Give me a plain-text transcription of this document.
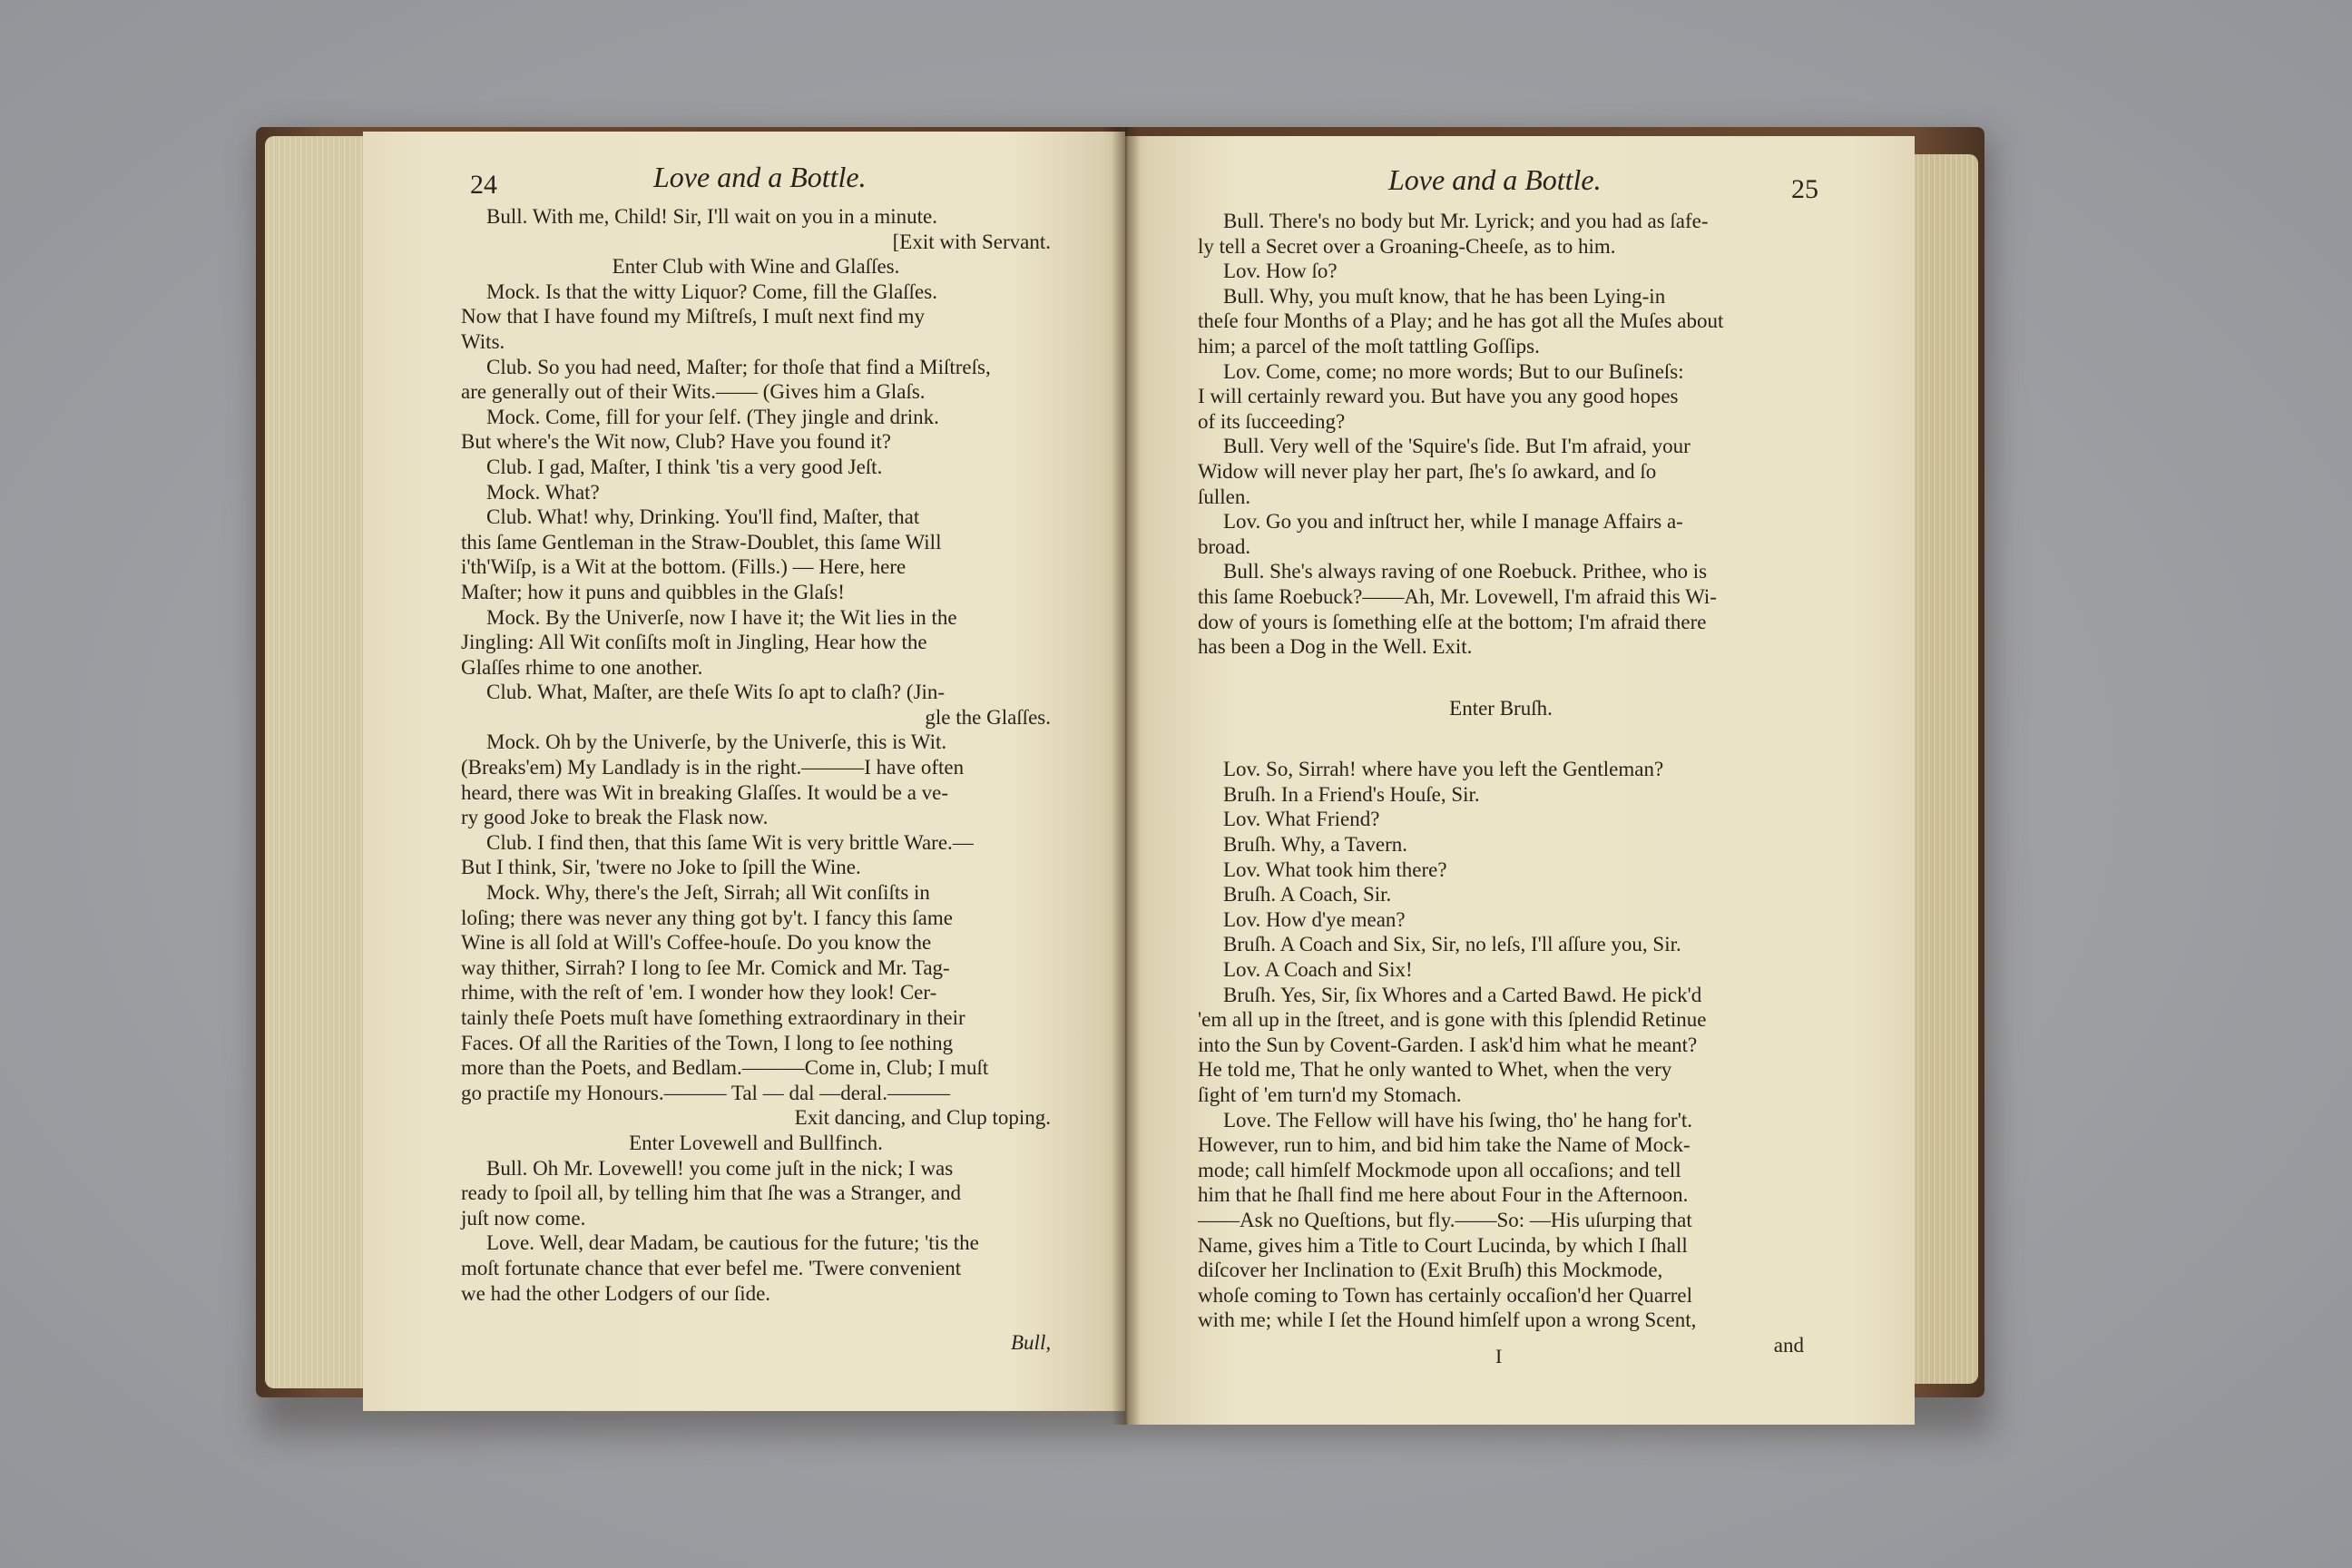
24	Love and a Bottle.
Bull. With me, Child! Sir, I'll wait on you in a minute.
[Exit with Servant.
Enter Club with Wine and Glaſſes.
Mock. Is that the witty Liquor? Come, fill the Glaſſes.
Now that I have found my Miſtreſs, I muſt next find my
Wits.
Club. So you had need, Maſter; for thoſe that find a Miſtreſs,
are generally out of their Wits.—— (Gives him a Glaſs.
Mock. Come, fill for your ſelf. (They jingle and drink.
But where's the Wit now, Club? Have you found it?
Club. I gad, Maſter, I think 'tis a very good Jeſt.
Mock. What?
Club. What! why, Drinking. You'll find, Maſter, that
this ſame Gentleman in the Straw-Doublet, this ſame Will
i'th'Wiſp, is a Wit at the bottom. (Fills.) — Here, here
Maſter; how it puns and quibbles in the Glaſs!
Mock. By the Univerſe, now I have it; the Wit lies in the
Jingling: All Wit conſiſts moſt in Jingling, Hear how the
Glaſſes rhime to one another.
Club. What, Maſter, are theſe Wits ſo apt to claſh? (Jin-
gle the Glaſſes.
Mock. Oh by the Univerſe, by the Univerſe, this is Wit.
(Breaks'em) My Landlady is in the right.———I have often
heard, there was Wit in breaking Glaſſes. It would be a ve-
ry good Joke to break the Flask now.
Club. I find then, that this ſame Wit is very brittle Ware.—
But I think, Sir, 'twere no Joke to ſpill the Wine.
Mock. Why, there's the Jeſt, Sirrah; all Wit conſiſts in
loſing; there was never any thing got by't. I fancy this ſame
Wine is all ſold at Will's Coffee-houſe. Do you know the
way thither, Sirrah? I long to ſee Mr. Comick and Mr. Tag-
rhime, with the reſt of 'em. I wonder how they look! Cer-
tainly theſe Poets muſt have ſomething extraordinary in their
Faces. Of all the Rarities of the Town, I long to ſee nothing
more than the Poets, and Bedlam.———Come in, Club; I muſt
go practiſe my Honours.——— Tal — dal —deral.———
Exit dancing, and Clup toping.
Enter Lovewell and Bullfinch.
Bull. Oh Mr. Lovewell! you come juſt in the nick; I was
ready to ſpoil all, by telling him that ſhe was a Stranger, and
juſt now come.
Love. Well, dear Madam, be cautious for the future; 'tis the
moſt fortunate chance that ever befel me. 'Twere convenient
we had the other Lodgers of our ſide.
Bull,
Love and a Bottle.	25
Bull. There's no body but Mr. Lyrick; and you had as ſafe-
ly tell a Secret over a Groaning-Cheeſe, as to him.
Lov. How ſo?
Bull. Why, you muſt know, that he has been Lying-in
theſe four Months of a Play; and he has got all the Muſes about
him; a parcel of the moſt tattling Goſſips.
Lov. Come, come; no more words; But to our Buſineſs:
I will certainly reward you. But have you any good hopes
of its ſucceeding?
Bull. Very well of the 'Squire's ſide. But I'm afraid, your
Widow will never play her part, ſhe's ſo awkard, and ſo
ſullen.
Lov. Go you and inſtruct her, while I manage Affairs a-
broad.
Bull. She's always raving of one Roebuck. Prithee, who is
this ſame Roebuck?——Ah, Mr. Lovewell, I'm afraid this Wi-
dow of yours is ſomething elſe at the bottom; I'm afraid there
has been a Dog in the Well. Exit.
Enter Bruſh.
Lov. So, Sirrah! where have you left the Gentleman?
Bruſh. In a Friend's Houſe, Sir.
Lov. What Friend?
Bruſh. Why, a Tavern.
Lov. What took him there?
Bruſh. A Coach, Sir.
Lov. How d'ye mean?
Bruſh. A Coach and Six, Sir, no leſs, I'll aſſure you, Sir.
Lov. A Coach and Six!
Bruſh. Yes, Sir, ſix Whores and a Carted Bawd. He pick'd
'em all up in the ſtreet, and is gone with this ſplendid Retinue
into the Sun by Covent-Garden. I ask'd him what he meant?
He told me, That he only wanted to Whet, when the very
ſight of 'em turn'd my Stomach.
Love. The Fellow will have his ſwing, tho' he hang for't.
However, run to him, and bid him take the Name of Mock-
mode; call himſelf Mockmode upon all occaſions; and tell
him that he ſhall find me here about Four in the Afternoon.
——Ask no Queſtions, but fly.——So: —His uſurping that
Name, gives him a Title to Court Lucinda, by which I ſhall
diſcover her Inclination to (Exit Bruſh) this Mockmode,
whoſe coming to Town has certainly occaſion'd her Quarrel
with me; while I ſet the Hound himſelf upon a wrong Scent,
and
I
